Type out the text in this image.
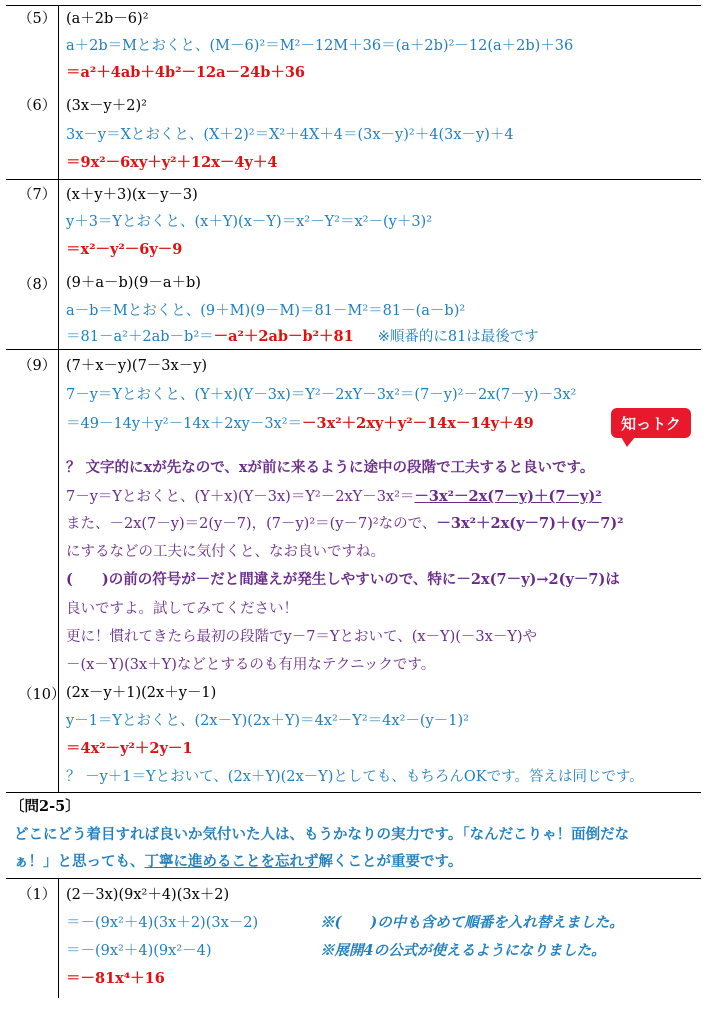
（5） (a＋2b－6)²
a＋2b＝Mとおくと、(M－6)²＝M²－12M＋36＝(a＋2b)²－12(a＋2b)＋36
＝a²＋4ab＋4b²－12a－24b＋36
（6） (3x－y＋2)²
3x－y＝Xとおくと、(X＋2)²＝X²＋4X＋4＝(3x－y)²＋4(3x－y)＋4
＝9x²－6xy＋y²＋12x－4y＋4
（7） (x＋y＋3)(x－y－3)
y＋3＝Yとおくと、(x＋Y)(x－Y)＝x²－Y²＝x²－(y＋3)²
＝x²－y²－6y－9
（8） (9＋a－b)(9－a＋b)
a－b＝Mとおくと、(9＋M)(9－M)＝81－M²＝81－(a－b)²
＝81－a²＋2ab－b²＝－a²＋2ab－b²＋81 ※順番的に81は最後です
（9） (7＋x－y)(7－3x－y)
7－y＝Yとおくと、(Y＋x)(Y－3x)＝Y²－2xY－3x²＝(7－y)²－2x(7－y)－3x²
＝49－14y＋y²－14x＋2xy－3x²＝－3x²＋2xy＋y²－14x－14y＋49	知っトク
？ 文字的にxが先なので、xが前に来るように途中の段階で工夫すると良いです。
7－y＝Yとおくと、(Y＋x)(Y－3x)＝Y²－2xY－3x²＝－3x²－2x(7－y)＋(7－y)²
また、－2x(7－y)＝2(y－7)，(7－y)²＝(y－7)²なので、－3x²＋2x(y－7)＋(y－7)²
にするなどの工夫に気付くと、なお良いですね。
(　　)の前の符号が－だと間違えが発生しやすいので、特に－2x(7－y)→2(y－7)は
良いですよ。試してみてください！
更に！慣れてきたら最初の段階でy－7＝Yとおいて、(x－Y)(－3x－Y)や
－(x－Y)(3x＋Y)などとするのも有用なテクニックです。
（10） (2x－y＋1)(2x＋y－1)
y－1＝Yとおくと、(2x－Y)(2x＋Y)＝4x²－Y²＝4x²－(y－1)²
＝4x²－y²＋2y－1
？ －y＋1＝Yとおいて、(2x＋Y)(2x－Y)としても、もちろんOKです。答えは同じです。
〔問2-5〕
どこにどう着目すれば良いか気付いた人は、もうかなりの実力です。「なんだこりゃ！面倒だな
ぁ！」と思っても、丁寧に進めることを忘れず解くことが重要です。
（1） (2－3x)(9x²＋4)(3x＋2)
＝－(9x²＋4)(3x＋2)(3x－2)	※(　　)の中も含めて順番を入れ替えました。
＝－(9x²＋4)(9x²－4)	※展開4の公式が使えるようになりました。
＝－81x⁴＋16
